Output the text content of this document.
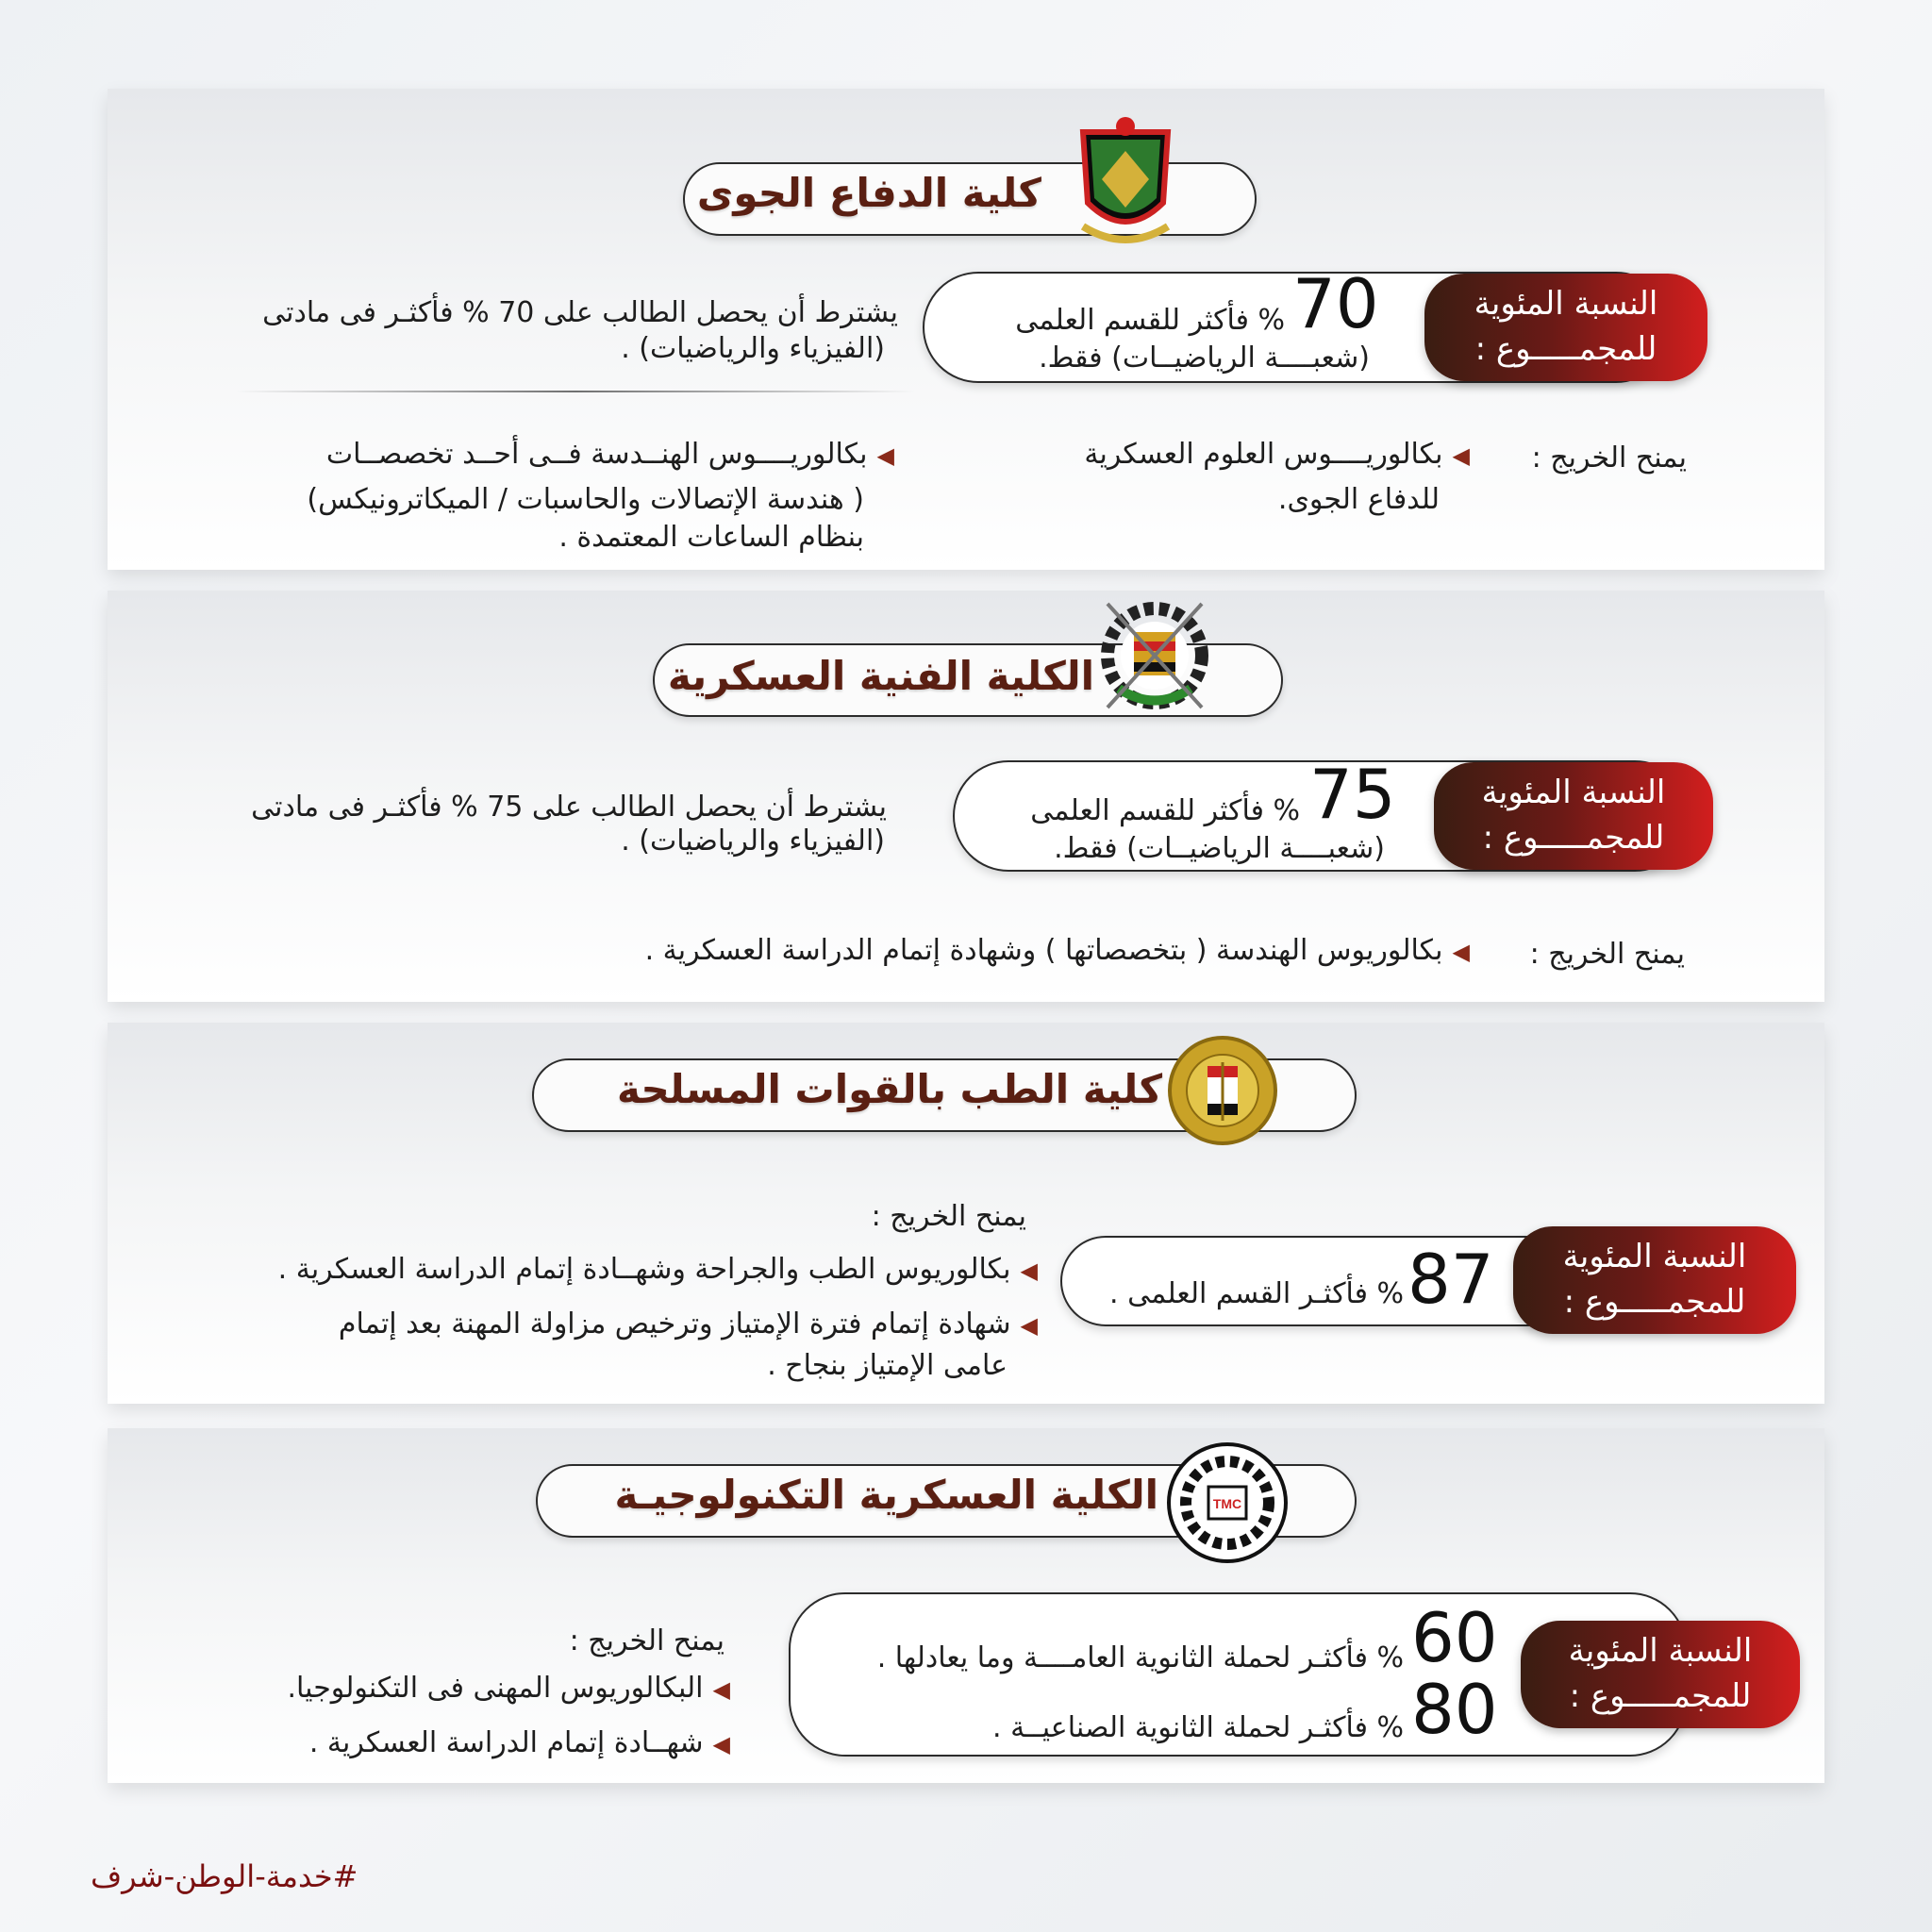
كلية الدفاع الجوى
النسبة المئوية
للمجمـــــوع :
70
% فأكثر للقسم العلمى
(شعبــــة الرياضيــات) فقط.
يشترط أن يحصل الطالب على 70 % فأكثـر فى مادتى
(الفيزياء والرياضيات) .
يمنح الخريج :
◀بكالوريــــوس العلوم العسكرية
للدفاع الجوى.
◀بكالوريــــوس الهنــدسة فــى أحــد تخصصــات
( هندسة الإتصالات والحاسبات / الميكاترونيكس)
بنظام الساعات المعتمدة .
الكلية الفنية العسكرية
النسبة المئوية
للمجمـــــوع :
75
% فأكثر للقسم العلمى
(شعبــــة الرياضيــات) فقط.
يشترط أن يحصل الطالب على 75 % فأكثـر فى مادتى
(الفيزياء والرياضيات) .
يمنح الخريج :
◀بكالوريوس الهندسة ( بتخصصاتها ) وشهادة إتمام الدراسة العسكرية .
كلية الطب بالقوات المسلحة
النسبة المئوية
للمجمـــــوع :
87
% فأكثـر القسم العلمى .
يمنح الخريج :
◀بكالوريوس الطب والجراحة وشهــادة إتمام الدراسة العسكرية .
◀شهادة إتمام فترة الإمتياز وترخيص مزاولة المهنة بعد إتمام
عامى الإمتياز بنجاح .
الكلية العسكرية التكنولوجيـة	TMC
النسبة المئوية
للمجمـــــوع :
60
% فأكثـر لحملة الثانوية العامــــة وما يعادلها .
80
% فأكثـر لحملة الثانوية الصناعيــة .
يمنح الخريج :
◀البكالوريوس المهنى فى التكنولوجيا.
◀شهــادة إتمام الدراسة العسكرية .
#خدمة-الوطن-شرف
